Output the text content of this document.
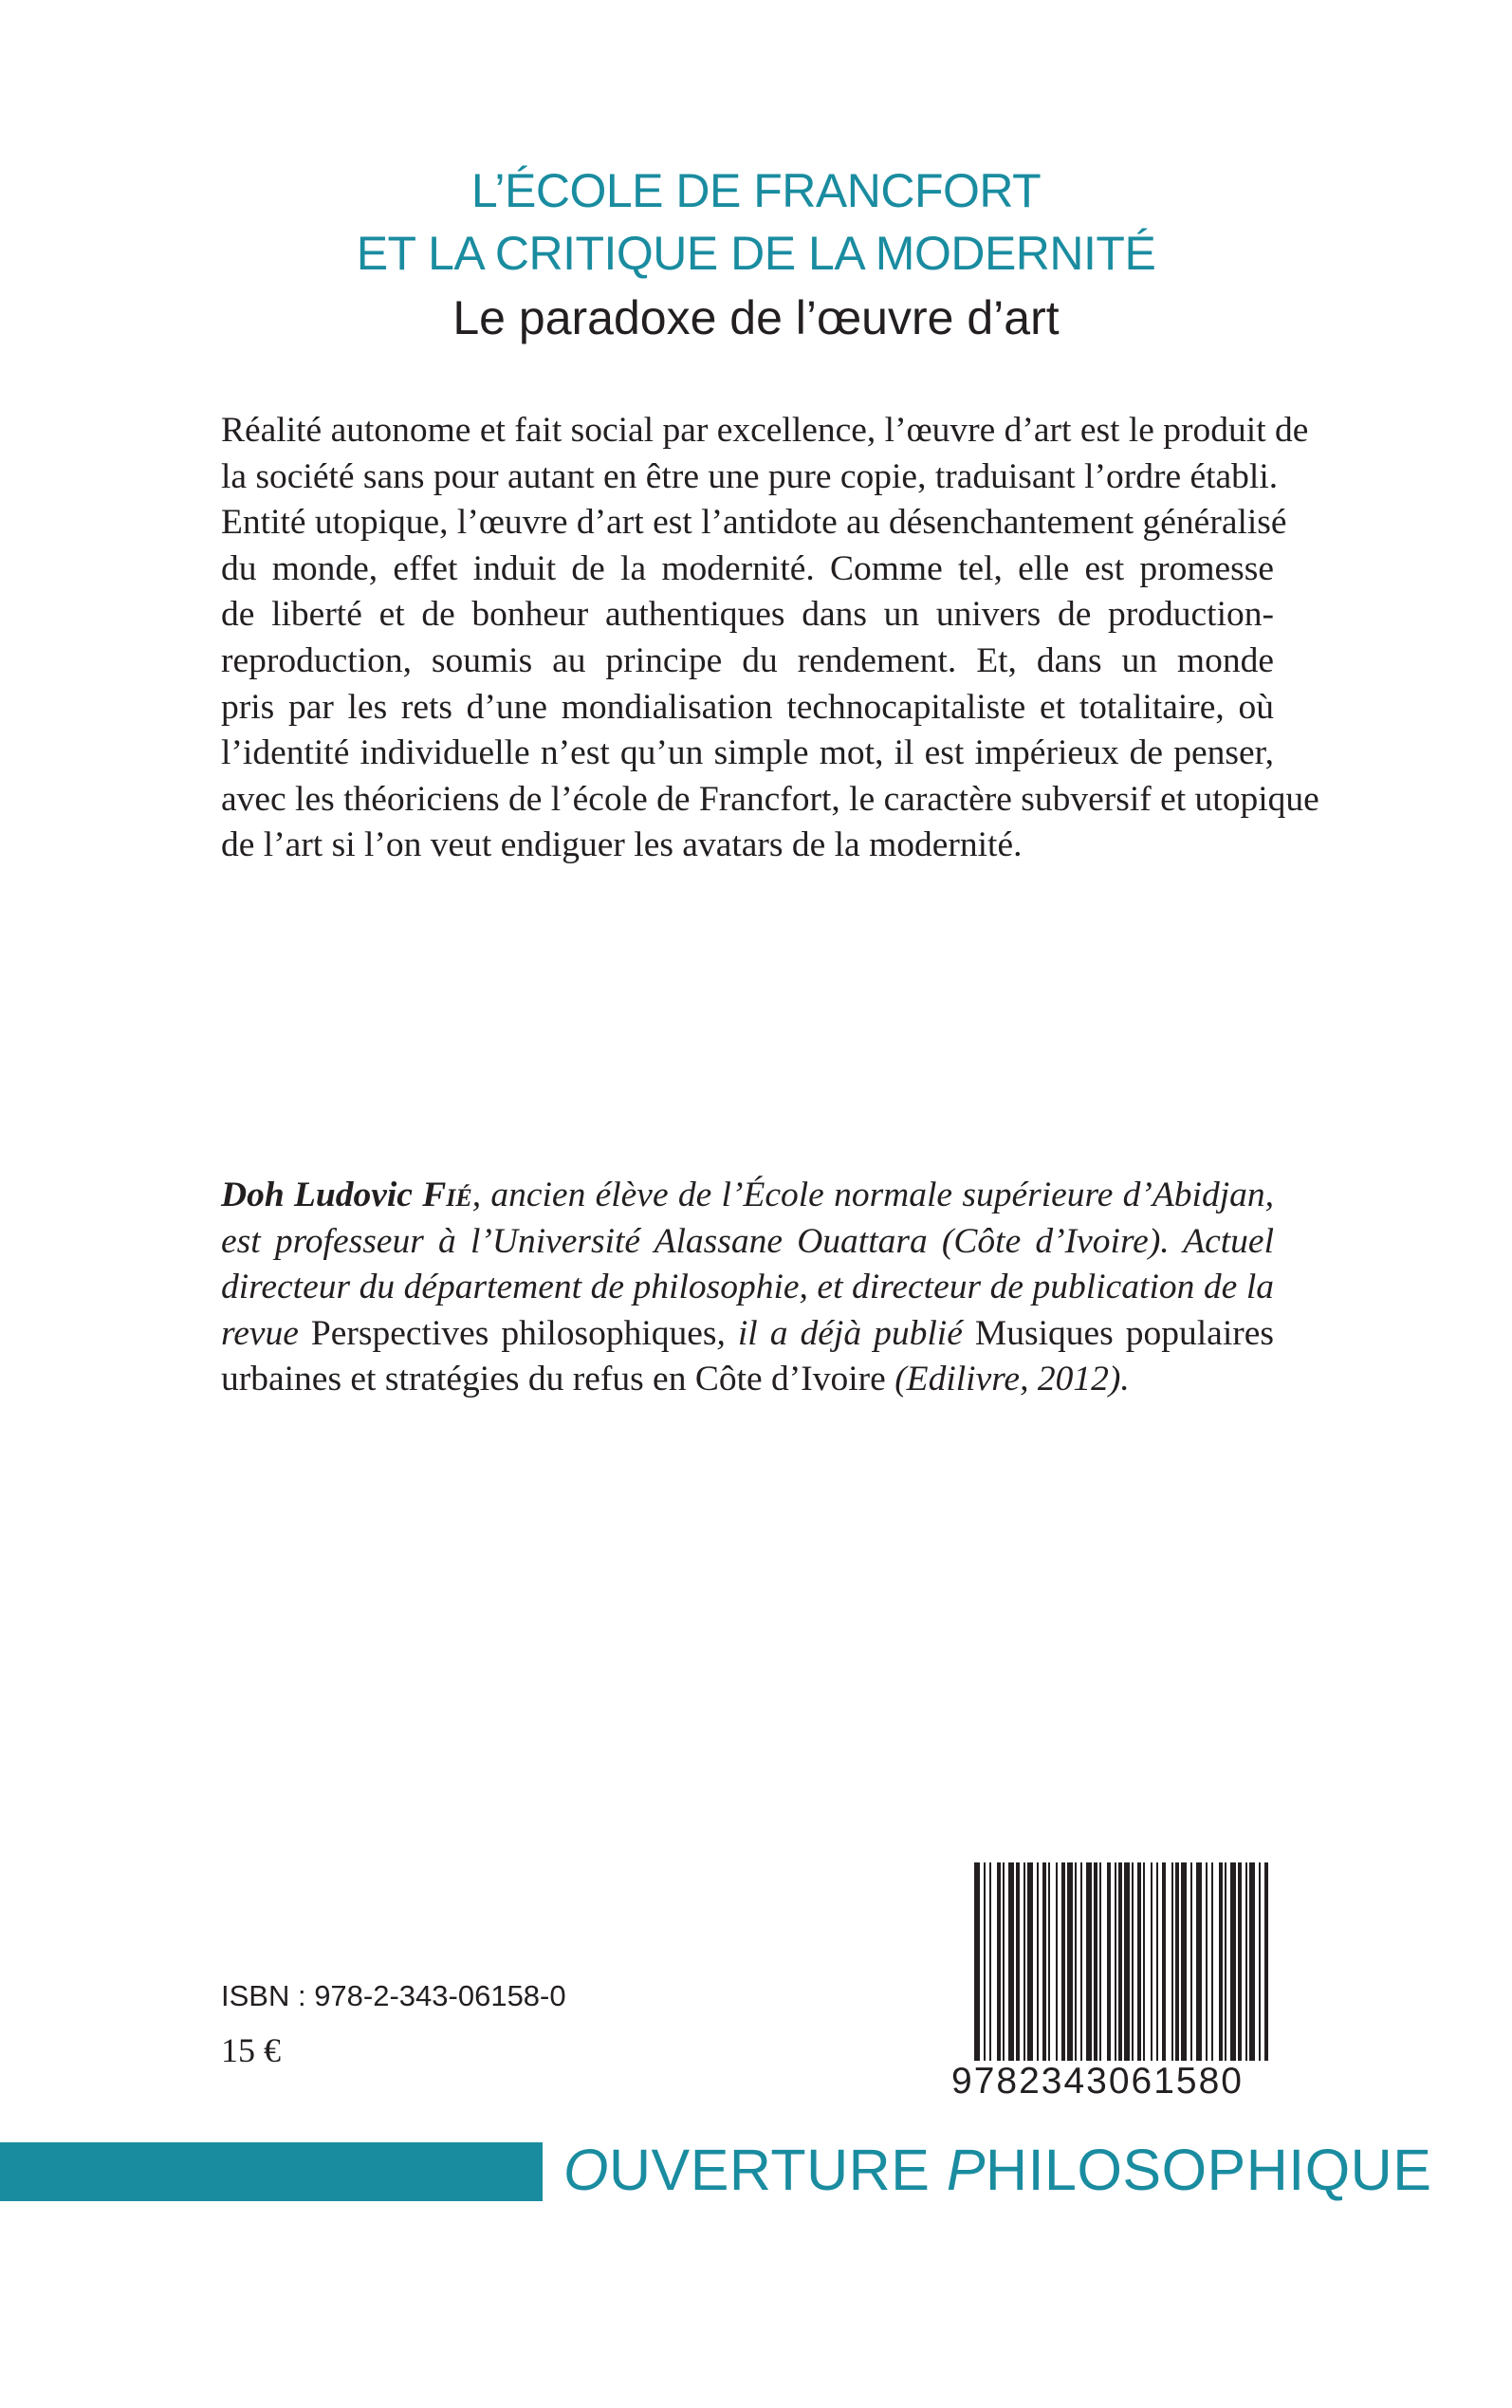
L’ÉCOLE DE FRANCFORT
ET LA CRITIQUE DE LA MODERNITÉ
Le paradoxe de l’œuvre d’art
Réalité autonome et fait social par excellence, l’œuvre d’art est le produit de
la société sans pour autant en être une pure copie, traduisant l’ordre établi.
Entité utopique, l’œuvre d’art est l’antidote au désenchantement généralisé
du monde, effet induit de la modernité. Comme tel, elle est promesse
de liberté et de bonheur authentiques dans un univers de production-
reproduction, soumis au principe du rendement. Et, dans un monde
pris par les rets d’une mondialisation technocapitaliste et totalitaire, où
l’identité individuelle n’est qu’un simple mot, il est impérieux de penser,
avec les théoriciens de l’école de Francfort, le caractère subversif et utopique
de l’art si l’on veut endiguer les avatars de la modernité.
Doh Ludovic Fié, ancien élève de l’École normale supérieure d’Abidjan,
est professeur à l’Université Alassane Ouattara (Côte d’Ivoire). Actuel
directeur du département de philosophie, et directeur de publication de la
revue Perspectives philosophiques, il a déjà publié Musiques populaires
urbaines et stratégies du refus en Côte d’Ivoire (Edilivre, 2012).
ISBN : 978-2-343-06158-0
15 €
9782343061580
OUVERTURE PHILOSOPHIQUE
